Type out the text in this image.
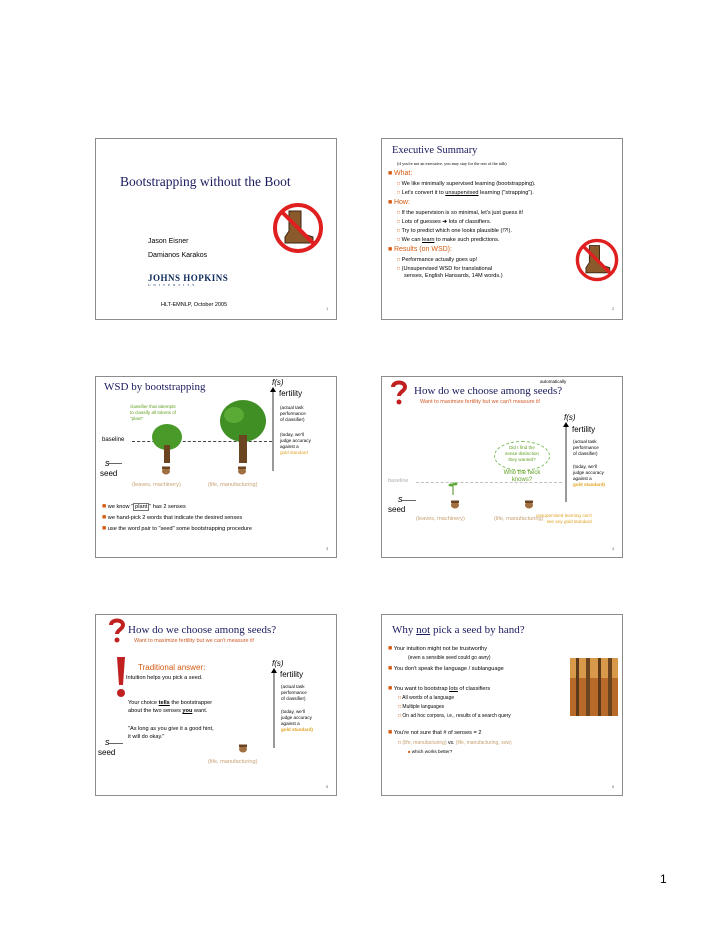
Bootstrapping without the Boot
Jason Eisner
Damianos Karakos
JOHNS HOPKINS
U N I V E R S I T Y
HLT-EMNLP, October 2005
1
Executive Summary
(if you're not an executive, you may stay for the rest of the talk)
■ What:
□ We like minimally supervised learning (bootstrapping).
□ Let's convert it to unsupervised learning ("strapping").
■ How:
□ If the supervision is so minimal, let's just guess it!
□ Lots of guesses ➔ lots of classifiers.
□ Try to predict which one looks plausible (!?!).
□ We can learn to make such predictions.
■ Results (on WSD):
□ Performance actually goes up!
□ (Unsupervised WSD for translational
senses, English Hansards, 14M words.)
2
WSD by bootstrapping	f(s)
fertility
classifier that attempts
to classify all tokens of
"plant"
(actual task
performance
of classifier)
(today, we'll
judge accuracy
against a
gold standard
baseline
s
seed
(leaves, machinery)	(life, manufacturing)
■ we know " plant " has 2 senses
■ we hand-pick 2 words that indicate the desired senses
■ use the word pair to "seed" some bootstrapping procedure
3
automatically
How do we choose among seeds?
Want to maximize fertility but we can't measure it!
f(s)
fertility
(actual task
performance
of classifier)
(today, we'll
judge accuracy
against a
gold standard)
Did I find the
sense distinction
they wanted?
Who the heck
knows?
baseline
s
seed
(leaves, machinery)	(life, manufacturing)
unsupervised learning can't
see any gold standard
4
How do we choose among seeds?
Want to maximize fertility but we can't measure it!
Traditional answer:
Intuition helps you pick a seed.
Your choice tells the bootstrapper
about the two senses you want.
"As long as you give it a good hint,
it will do okay."
f(s)
fertility
(actual task
performance
of classifier)
(today, we'll
judge accuracy
against a
gold standard)
s
seed
(life, manufacturing)
5
Why not pick a seed by hand?
■ Your intuition might not be trustworthy
(even a sensible seed could go awry)
■ You don't speak the language / sublanguage
■ You want to bootstrap lots of classifiers
□ All words of a language
□ Multiple languages
□ On ad hoc corpora, i.e., results of a search query
■ You're not sure that # of senses = 2
□ (life, manufacturing) vs. (life, manufacturing, sow)
■ which works better?
6
1
